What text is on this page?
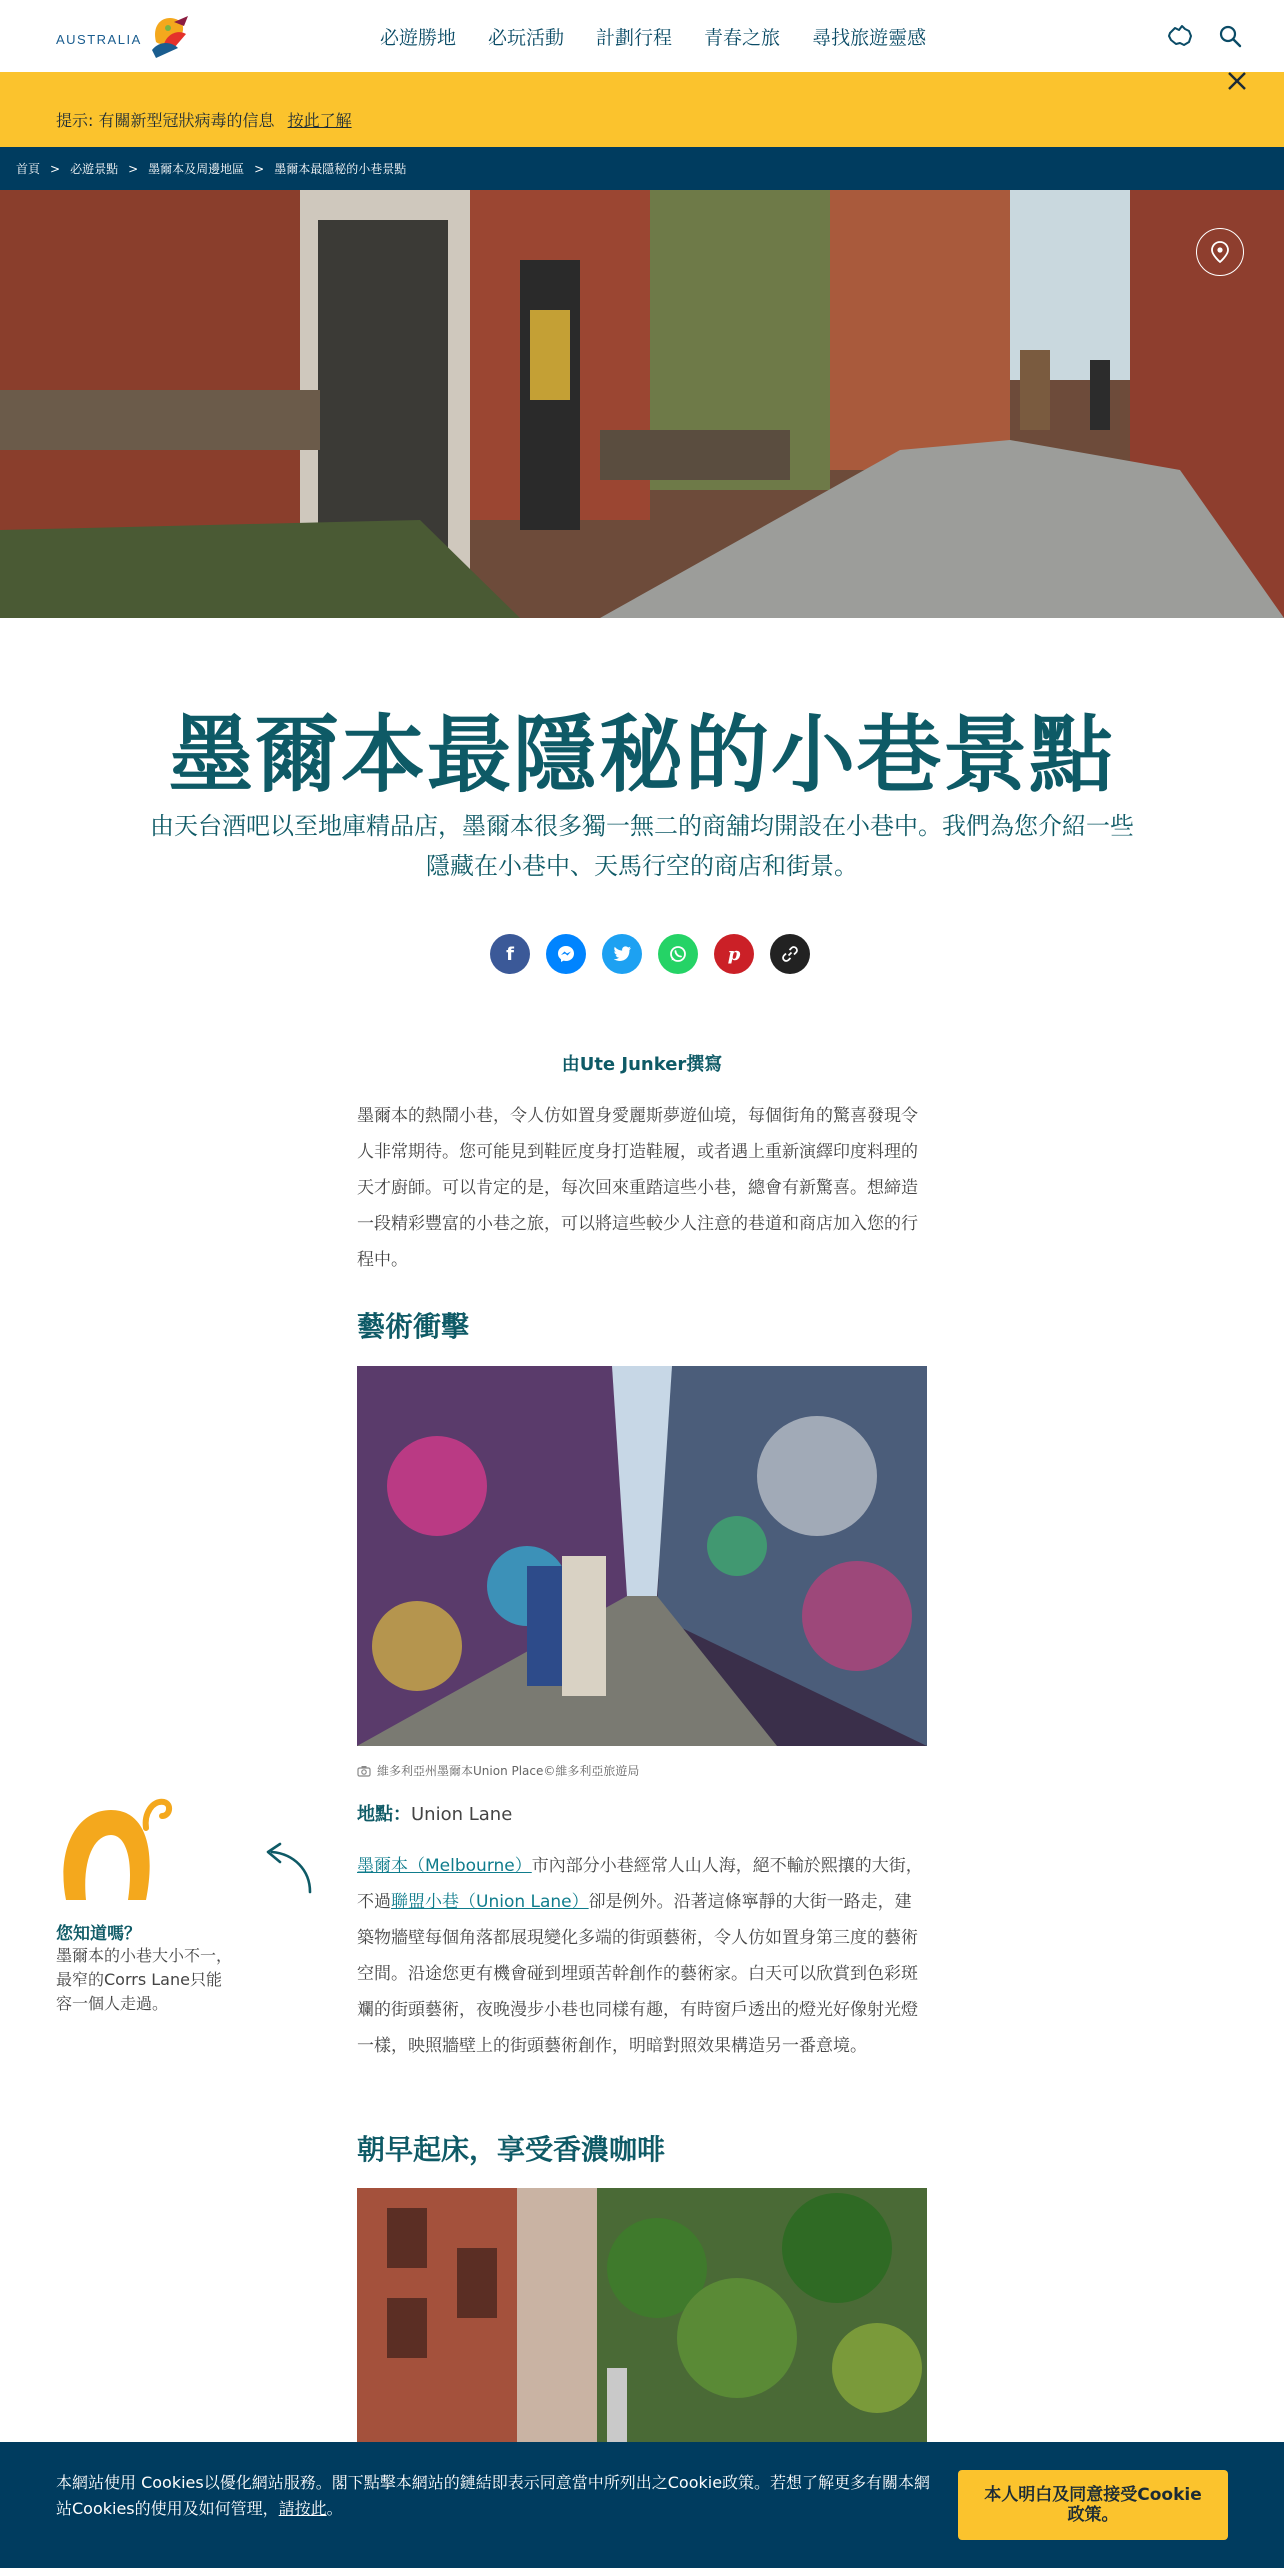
AUSTRALIA	必遊勝地 必玩活動 計劃行程 青春之旅 尋找旅遊靈感
提示: 有關新型冠狀病毒的信息 按此了解
首頁 > 必遊景點 > 墨爾本及周邊地區 > 墨爾本最隱秘的小巷景點
墨爾本最隱秘的小巷景點

由天台酒吧以至地庫精品店，墨爾本很多獨一無二的商舖均開設在小巷中。我們為您介紹一些隱藏在小巷中、天馬行空的商店和街景。

f	p
由Ute Junker撰寫

墨爾本的熱鬧小巷，令人仿如置身愛麗斯夢遊仙境，每個街角的驚喜發現令人非常期待。您可能見到鞋匠度身打造鞋履，或者遇上重新演繹印度料理的天才廚師。可以肯定的是，每次回來重踏這些小巷，總會有新驚喜。想締造一段精彩豐富的小巷之旅，可以將這些較少人注意的巷道和商店加入您的行程中。

藝術衝擊
維多利亞州墨爾本Union Place©維多利亞旅遊局
地點：Union Lane

墨爾本（Melbourne）市內部分小巷經常人山人海，絕不輸於熙攘的大街，不過聯盟小巷（Union Lane）卻是例外。沿著這條寧靜的大街一路走，建築物牆壁每個角落都展現變化多端的街頭藝術，令人仿如置身第三度的藝術空間。沿途您更有機會碰到埋頭苦幹創作的藝術家。白天可以欣賞到色彩斑斕的街頭藝術，夜晚漫步小巷也同樣有趣，有時窗戶透出的燈光好像射光燈一樣，映照牆壁上的街頭藝術創作，明暗對照效果構造另一番意境。

您知道嗎？
墨爾本的小巷大小不一，最窄的Corrs Lane只能容一個人走過。
朝早起床，享受香濃咖啡
本網站使用 Cookies以優化網站服務。閣下點擊本網站的鏈結即表示同意當中所列出之Cookie政策。若想了解更多有關本網站Cookies的使用及如何管理，請按此。
本人明白及同意接受Cookie政策。
